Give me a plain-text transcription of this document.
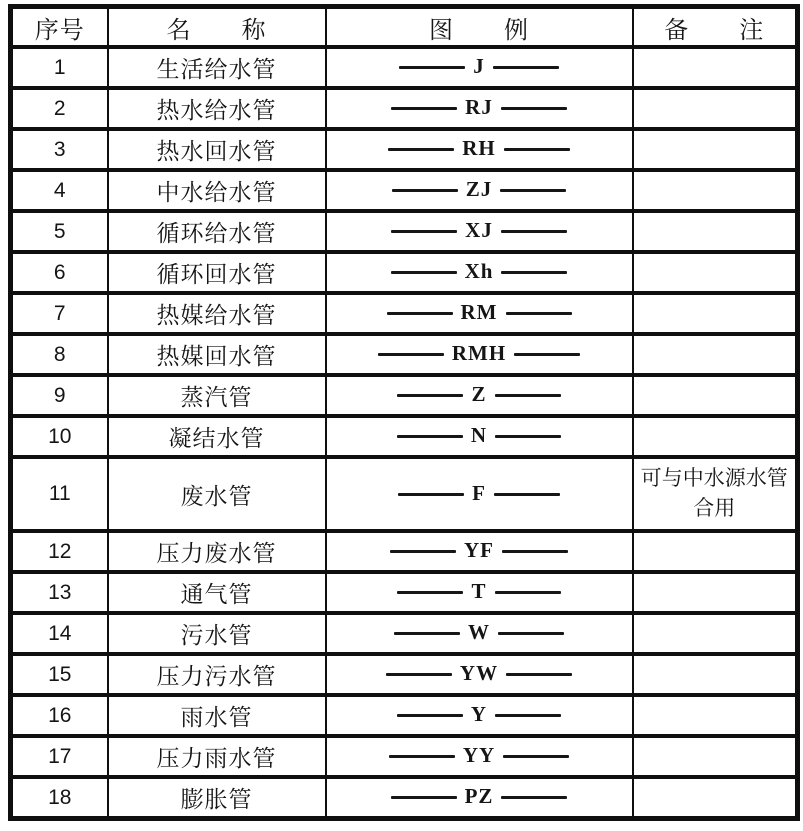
序号	名　　称	图　　例	备　　注
1	生活给水管	J	

2	热水给水管	RJ	

3	热水回水管	RH	

4	中水给水管	ZJ	

5	循环给水管	XJ	

6	循环回水管	Xh	

7	热媒给水管	RM	

8	热媒回水管	RMH	

9	蒸汽管	Z	

10	凝结水管	N	

11	废水管	F	可与中水源水管合用
12	压力废水管	YF	

13	通气管	T	

14	污水管	W	

15	压力污水管	YW	

16	雨水管	Y	

17	压力雨水管	YY	

18	膨胀管	PZ	
